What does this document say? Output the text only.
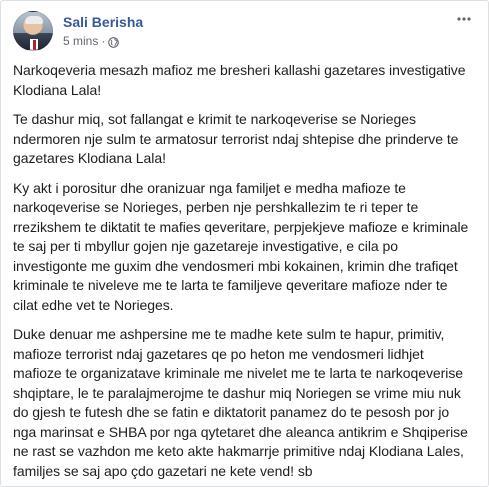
Sali Berisha
5 mins ·

Narkoqeveria mesazh mafioz me bresheri kallashi gazetares investigative Klodiana Lala!

Te dashur miq, sot fallangat e krimit te narkoqeverise se Norieges ndermoren nje sulm te armatosur terrorist ndaj shtepise dhe prinderve te gazetares Klodiana Lala!

Ky akt i porositur dhe oranizuar nga familjet e medha mafioze te narkoqeverise se Norieges, perben nje pershkallezim te ri teper te rrezikshem te diktatit te mafies qeveritare, perpjekjeve mafioze e kriminale te saj per ti mbyllur gojen nje gazetareje investigative, e cila po investigonte me guxim dhe vendosmeri mbi kokainen, krimin dhe trafiqet kriminale te niveleve me te larta te familjeve qeveritare mafioze nder te cilat edhe vet te Norieges.

Duke denuar me ashpersine me te madhe kete sulm te hapur, primitiv, mafioze terrorist ndaj gazetares qe po heton me vendosmeri lidhjet mafioze te organizatave kriminale me nivelet me te larta te narkoqeverise shqiptare, le te paralajmerojme te dashur miq Noriegen se vrime miu nuk do gjesh te futesh dhe se fatin e diktatorit panamez do te pesosh por jo nga marinsat e SHBA por nga qytetaret dhe aleanca antikrim e Shqiperise ne rast se vazhdon me keto akte hakmarrje primitive ndaj Klodiana Lales, familjes se saj apo çdo gazetari ne kete vend! sb
